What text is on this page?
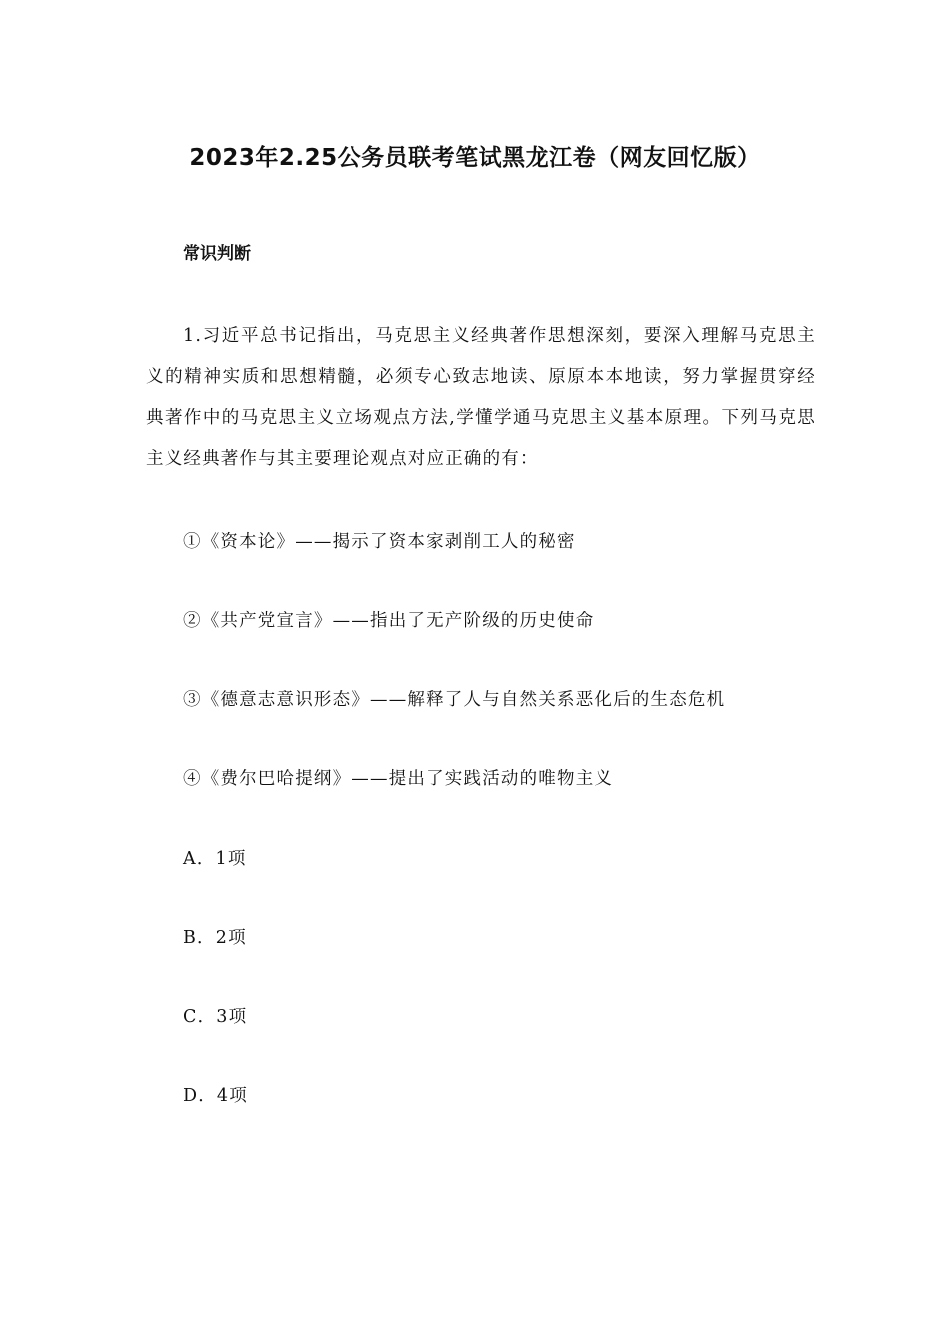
2023年2.25公务员联考笔试黑龙江卷（网友回忆版）
常识判断

1.习近平总书记指出，马克思主义经典著作思想深刻，要深入理解马克思主义的精神实质和思想精髓，必须专心致志地读、原原本本地读，努力掌握贯穿经典著作中的马克思主义立场观点方法,学懂学通马克思主义基本原理。下列马克思主义经典著作与其主要理论观点对应正确的有：

①《资本论》——揭示了资本家剥削工人的秘密
②《共产党宣言》——指出了无产阶级的历史使命
③《德意志意识形态》——解释了人与自然关系恶化后的生态危机
④《费尔巴哈提纲》——提出了实践活动的唯物主义
A．1项
B．2项
C．3项
D．4项
